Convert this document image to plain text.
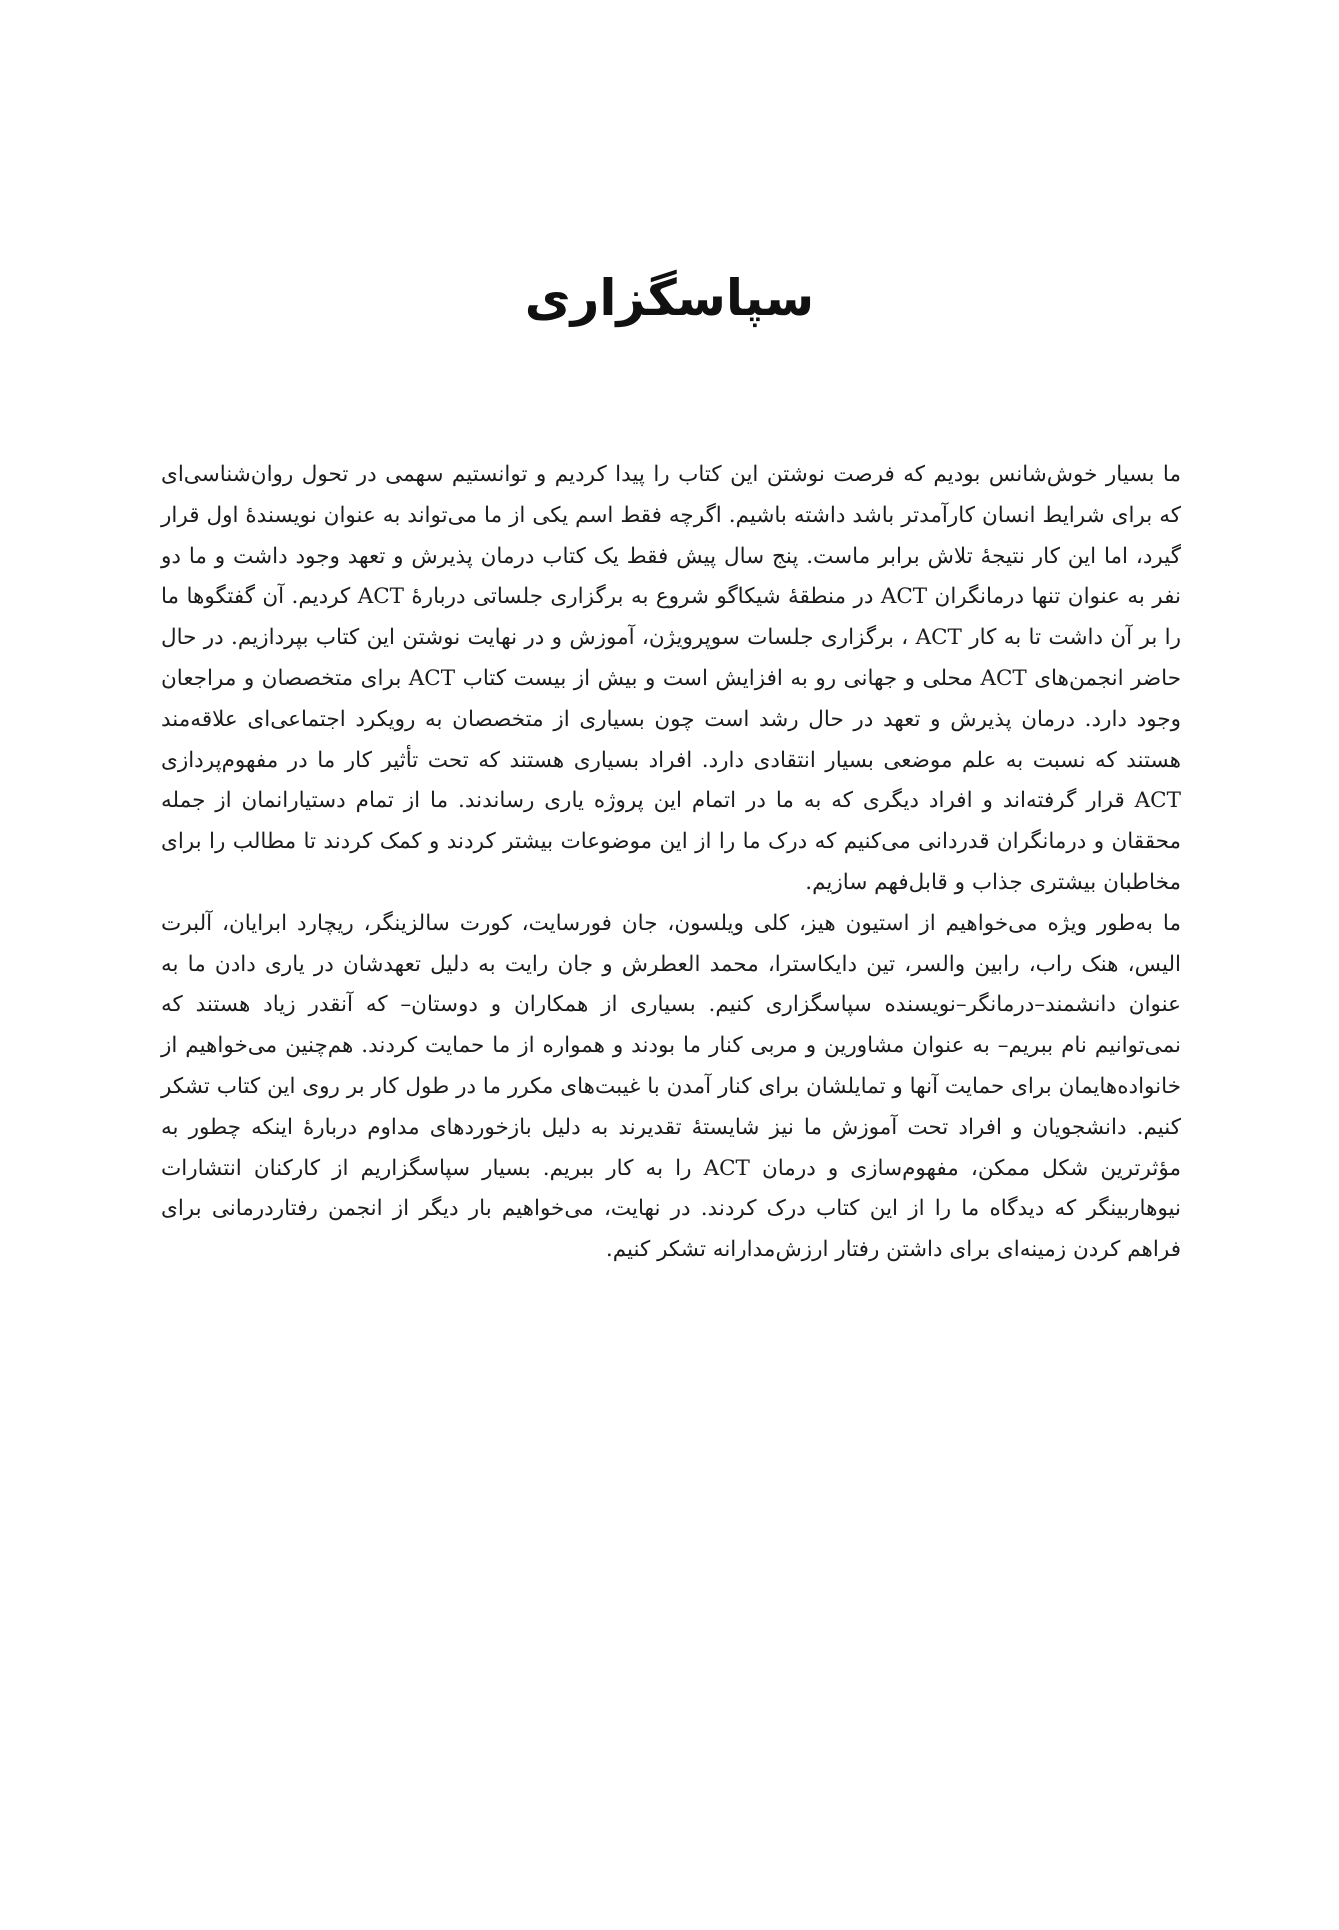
سپاسگزاری

ما بسیار خوش‌شانس بودیم که فرصت نوشتن این کتاب را پیدا کردیم و توانستیم سهمی در تحول روان‌شناسی‌ای که برای شرایط انسان کارآمدتر باشد داشته باشیم. اگرچه فقط اسم یکی از ما می‌تواند به عنوان نویسندهٔ اول قرار گیرد، اما این کار نتیجهٔ تلاش برابر ماست. پنج سال پیش فقط یک کتاب درمان پذیرش و تعهد وجود داشت و ما دو نفر به عنوان تنها درمانگران ACT در منطقهٔ شیکاگو شروع به برگزاری جلساتی دربارهٔ ACT کردیم. آن گفتگوها ما را بر آن داشت تا به کار ACT ، برگزاری جلسات سوپرویژن، آموزش و در نهایت نوشتن این کتاب بپردازیم. در حال حاضر انجمن‌های ACT محلی و جهانی رو به افزایش است و بیش از بیست کتاب ACT برای متخصصان و مراجعان وجود دارد. درمان پذیرش و تعهد در حال رشد است چون بسیاری از متخصصان به رویکرد اجتماعی‌ای علاقه‌مند هستند که نسبت به علم موضعی بسیار انتقادی دارد. افراد بسیاری هستند که تحت تأثیر کار ما در مفهوم‌پردازی ACT قرار گرفته‌اند و افراد دیگری که به ما در اتمام این پروژه یاری رساندند. ما از تمام دستیارانمان از جمله محققان و درمانگران قدردانی می‌کنیم که درک ما را از این موضوعات بیشتر کردند و کمک کردند تا مطالب را برای مخاطبان بیشتری جذاب و قابل‌فهم سازیم.

ما به‌طور ویژه می‌خواهیم از استیون هیز، کلی ویلسون، جان فورسایت، کورت سالزینگر، ریچارد ابرایان، آلبرت الیس، هنک راب، رابین والسر، تین دایکاسترا، محمد العطرش و جان رایت به دلیل تعهدشان در یاری دادن ما به عنوان دانشمند–درمانگر–نویسنده سپاسگزاری کنیم. بسیاری از همکاران و دوستان– که آنقدر زیاد هستند که نمی‌توانیم نام ببریم– به عنوان مشاورین و مربی کنار ما بودند و همواره از ما حمایت کردند. هم‌چنین می‌خواهیم از خانواده‌هایمان برای حمایت آنها و تمایلشان برای کنار آمدن با غیبت‌های مکرر ما در طول کار بر روی این کتاب تشکر کنیم. دانشجویان و افراد تحت آموزش ما نیز شایستهٔ تقدیرند به دلیل بازخوردهای مداوم دربارهٔ اینکه چطور به مؤثرترین شکل ممکن، مفهوم‌سازی و درمان ACT را به کار ببریم. بسیار سپاسگزاریم از کارکنان انتشارات نیوهاربینگر که دیدگاه ما را از این کتاب درک کردند. در نهایت، می‌خواهیم بار دیگر از انجمن رفتاردرمانی برای فراهم کردن زمینه‌ای برای داشتن رفتار ارزش‌مدارانه تشکر کنیم.
